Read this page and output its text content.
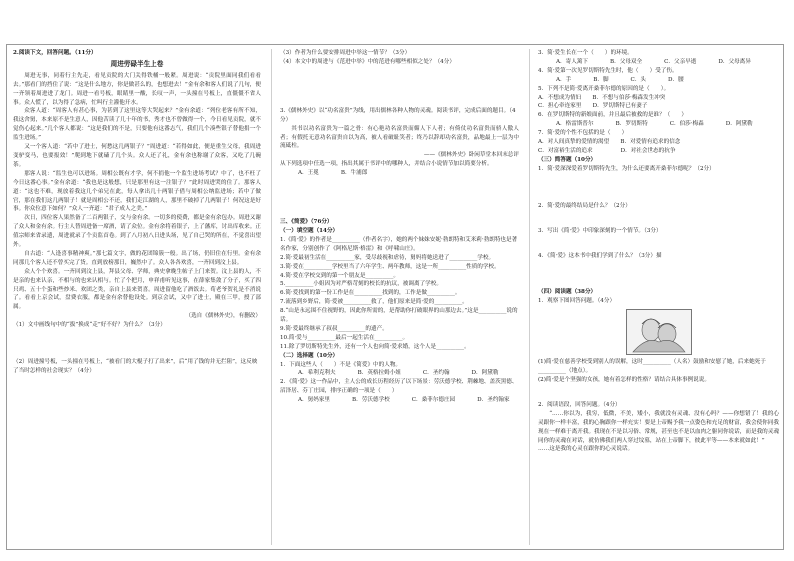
2.阅读下文，回答问题。（11分）

周进劳碌半生上卷

周进无事，同着行主先走，看见贡院的大门关得铁桶一般紧。周进说：“贡院里面同我们看看去。”那看门的挡住了说：“这是什么地方，你是做甚么的，也想进去！”金有余和客人们说了几句，便一齐领着周进进了龙门。周进一看号板，眼睛里一酸，长叹一声，一头撞在号板上，直僵僵不省人事。众人慌了，以为得了急病，忙叫行主灌他开水。

众客人道：“周客人有甚心事，为甚到了这里这等大哭起来？”金有余道：“列位老客有所不知，我这舍舅，本来原不是生意人，因他苦读了几十年的书，秀才也不曾做得一个，今日看见贡院，就不觉伤心起来。”几个客人都说：“这是我们的不是，只要他有这番志气，我们几个凑些银子替他捐一个监生进场。”

又一个客人道：“若中了进士，何愁这几两银子？”周进道：“若得如此，便是重生父母，我周进变驴变马，也要报效！”爬到地下就磕了几个头。众人还了礼，金有余也称谢了众客，又吃了几碗茶。

那客人说：“监生也可以进场。周相公既有才学，何不捐他一个监生进场考试？中了，也不枉了今日这番心事。”金有余道：“我也是这般想，只是那里有这一注银子？”此时周进哭的住了。那客人道：“这也不难，现放着我这几个弟兄在此，每人拿出几十两银子借与周相公纳监进场；若中了做官，那在我们这几两银子！就是周相公不还，我们走江湖的人，那里不破掉了几两银子！何况这是好事。你众位意下如何？”众人一齐道：“君子成人之美。”

次日，四位客人果然备了二百两银子，交与金有余。一切多的使费，都是金有余包办。周进又谢了众人和金有余。行主人替周进备一席酒，请了众位。金有余将着银子，上了藩库，讨出库收来。正值宗师来省录遗，周进就录了个贡监首卷。到了八月初八日进头场，见了自己哭的所在，不觉喜出望外。

自古道：“人逢喜事精神爽。”那七篇文字，做的花团锦簇一般。出了场，仍旧住在行里。金有余同那几个客人还不曾买完了货。直到放榜那日，巍然中了。众人各各欢喜，一齐回到汶上县。

众人个个欢喜。一齐回到汶上县，拜县父母、学师，典史拿晚生帖子上门来贺。汶上县的人，不是亲的也来认亲，不相与的也来认相与。忙了个把月，申祥甫听见这事，在薛家集敛了分子，买了四只鸡、五十个蛋和些炒米、欢团之类，亲自上县来贺喜。周进留他吃了酒饭去。荀老爷贺礼是不消说了。看看上京会试，盘费衣服，都是金有余替他设处。到京会试，又中了进士，殿在三甲，授了部属。

（选自《儒林外史》，有删改）

（1）文中画线句中的“拔”换成“走”好不好？为什么？（3分）

（2）周进撞号板，一头撞在号板上，“被看门的大棍子打了出来”，后“用了钱的并无拦阻”，这反映了当时怎样的社会现实？（4分）

（3）作者为什么要安排周进中举这一情节？（3分）

（4）本文中的周进与《范进中举》中的范进有哪些相似之处？（4分）

3.《儒林外史》以“功名富贵”为线，用出儒林各种人物的灵魂。阅读书评，完成后面的题目。（4分）

其书以功名富贵为一篇之骨：有心艳功名富贵而媚人下人者；有倚仗功名富贵而骄人傲人者；有假托无意功名富贵自以为高，被人看破耻笑者；终乃以辞却功名富贵，品地最上一层为中流砥柱。

——《儒林外史》卧闲草堂本回末总评

从下列选项中任选一项，指出其属于书评中的哪种人，并结合小说情节加以简要分析。

A．王冕	B．牛浦郎

三、《简爱》（76分）

（一）填空题（14分）

1.《简·爱》的作者是__________（作者名字），她的两个妹妹安妮·勃朗特和艾米莉·勃朗特也是著名作家，分别创作了《阿格尼斯·格雷》和《呼啸山庄》。

2.简·爱最初生活在__________家，受尽歧视和虐待，舅妈将她送进了__________学校。

3.简·爱在__________学校里当了六年学生、两年教师，这是一所__________性质的学校。

4.简·爱在学校交到的第一个朋友是__________。

5.__________小姐因为对严格苛刻的校长的抗议，被调离了学校。

6.简·爱找到的第一份工作是在__________找到的，工作是做__________。

7.流落到乡野后，简·爱被__________救了，他们原来是简·爱的__________。

8.“山是永远围不住视野的，因此你所需的，是帮助你打破眼界的山那边去。”这是__________说的话。

9.简·爱最终继承了叔叔__________的遗产。

10.简·爱与__________最后一起生活在__________。

11.除了罗切斯特先生外，还有一个人也向简·爱求婚，这个人是__________。

（二）选择题（10分）

1．下面这些人（　　）不是《简爱》中的人物。

A．希利克利夫	B．英格拉姆小姐	C．圣约翰	D．阿黛勒

2．《简·爱》这一作品中，主人公的成长历程经历了以下场景：劳沃德学校、荆棘地、盖茨黑德、沼泽居、芬丁庄园，排序正确的一项是（　　）

A．舅妈家里	B．劳沃德学校	C．桑菲尔德庄园	D．圣约翰家

3．简·爱生长在一个（　　）的环境。

A．寄人篱下	B．父母双全	C．父亲早逝	D．父母离异

4．简·爱第一次见罗切斯特先生时，他（　　）受了伤。

A．手	B．脚	C．头	D．腰

5．下列不是简·爱离开桑菲尔德的原因的是（　　）。

A．不想成为情妇　　B．不想与伯莎·梅森发生冲突

C．担心牵连家里　　D．罗切斯特已有妻子

6．在罗切斯特的新娘面前，并且最后被救的是谁？（　　）

A．格雷斯普尔	B．罗切斯特	C．伯莎·梅森	D．阿黛勒

7．简·爱的个性不包括的是（　　）

A．对人间真挚的爱情的渴望　　B．对爱情有追求的信念

C．对富裕生活的追求　　　　　D．对社会世态的抗争

（三）简答题（10分）

1．简·爱深深爱着罗切斯特先生，为什么还要离开桑菲尔德呢？（2分）

2．简·爱的最终结局是什么？（2分）

3．写出《简·爱》中印象深刻的一个情节。（3分）

4．《简·爱》这本书中我们学到了什么？（3分）描

（四）阅读题（38分）

1．观察下图回答问题。（4分）

(1)简·爱在慈善学校受到别人的误解，这时__________（人名）鼓励和安慰了她，后来她死于__________（地点）。

(2)简·爱是个坚强的女孩，她有着怎样的性格？请结合具体事例说说。

2．阅读语段，回答问题。（4分）

“……你以为，我穷，低微，不美，矮小，我就没有灵魂、没有心吗？——你想错了！我的心灵跟你一样丰富，我的心胸跟你一样充实！要是上帝赐予我一点姿色和充足的财富，我会使你同我现在一样难于离开我。我现在不是以习俗、常规，甚至也不是以血肉之躯同你说话，而是我的灵魂同你的灵魂在对话，就仿佛我们两人穿过坟墓，站在上帝脚下，彼此平等——本来就如此！”

……这是我的心灵在跟你的心灵说话。
